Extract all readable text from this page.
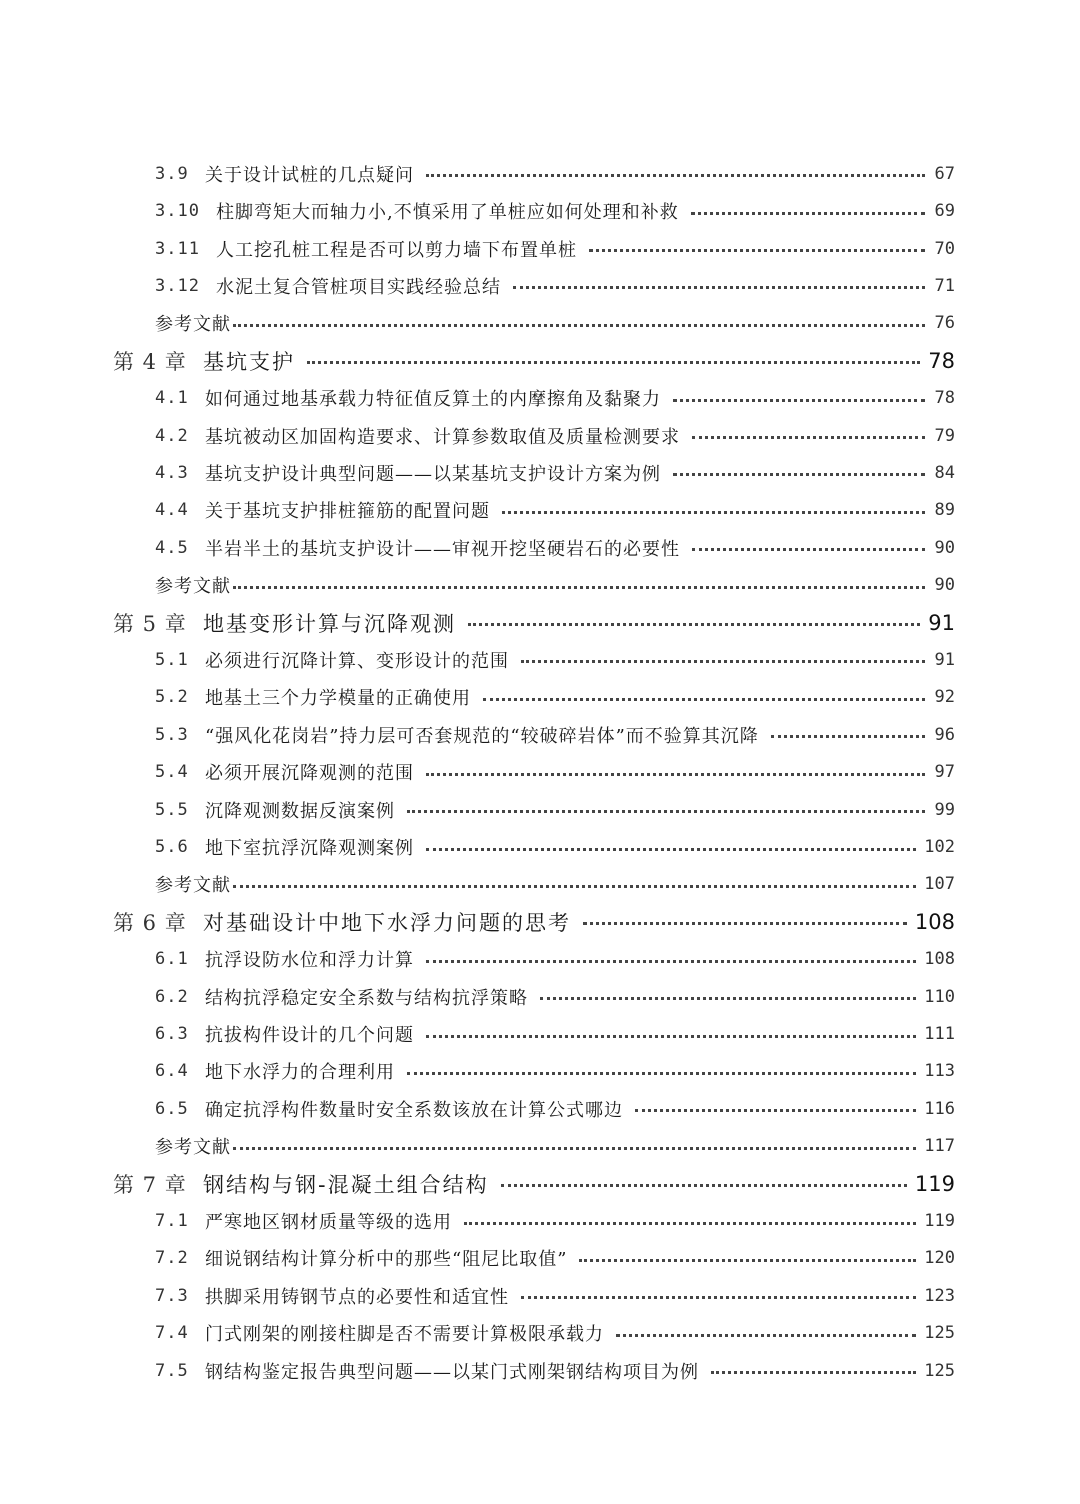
3.9 关于设计试桩的几点疑问	67
3.10 柱脚弯矩大而轴力小,不慎采用了单桩应如何处理和补救	69
3.11 人工挖孔桩工程是否可以剪力墙下布置单桩	70
3.12 水泥土复合管桩项目实践经验总结	71
参考文献	76
第 4 章 基坑支护	78
4.1 如何通过地基承载力特征值反算土的内摩擦角及黏聚力	78
4.2 基坑被动区加固构造要求、计算参数取值及质量检测要求	79
4.3 基坑支护设计典型问题——以某基坑支护设计方案为例	84
4.4 关于基坑支护排桩箍筋的配置问题	89
4.5 半岩半土的基坑支护设计——审视开挖坚硬岩石的必要性	90
参考文献	90
第 5 章 地基变形计算与沉降观测	91
5.1 必须进行沉降计算、变形设计的范围	91
5.2 地基土三个力学模量的正确使用	92
5.3 “强风化花岗岩”持力层可否套规范的“较破碎岩体”而不验算其沉降	96
5.4 必须开展沉降观测的范围	97
5.5 沉降观测数据反演案例	99
5.6 地下室抗浮沉降观测案例	102
参考文献	107
第 6 章 对基础设计中地下水浮力问题的思考	108
6.1 抗浮设防水位和浮力计算	108
6.2 结构抗浮稳定安全系数与结构抗浮策略	110
6.3 抗拔构件设计的几个问题	111
6.4 地下水浮力的合理利用	113
6.5 确定抗浮构件数量时安全系数该放在计算公式哪边	116
参考文献	117
第 7 章 钢结构与钢-混凝土组合结构	119
7.1 严寒地区钢材质量等级的选用	119
7.2 细说钢结构计算分析中的那些“阻尼比取值”	120
7.3 拱脚采用铸钢节点的必要性和适宜性	123
7.4 门式刚架的刚接柱脚是否不需要计算极限承载力	125
7.5 钢结构鉴定报告典型问题——以某门式刚架钢结构项目为例	125
